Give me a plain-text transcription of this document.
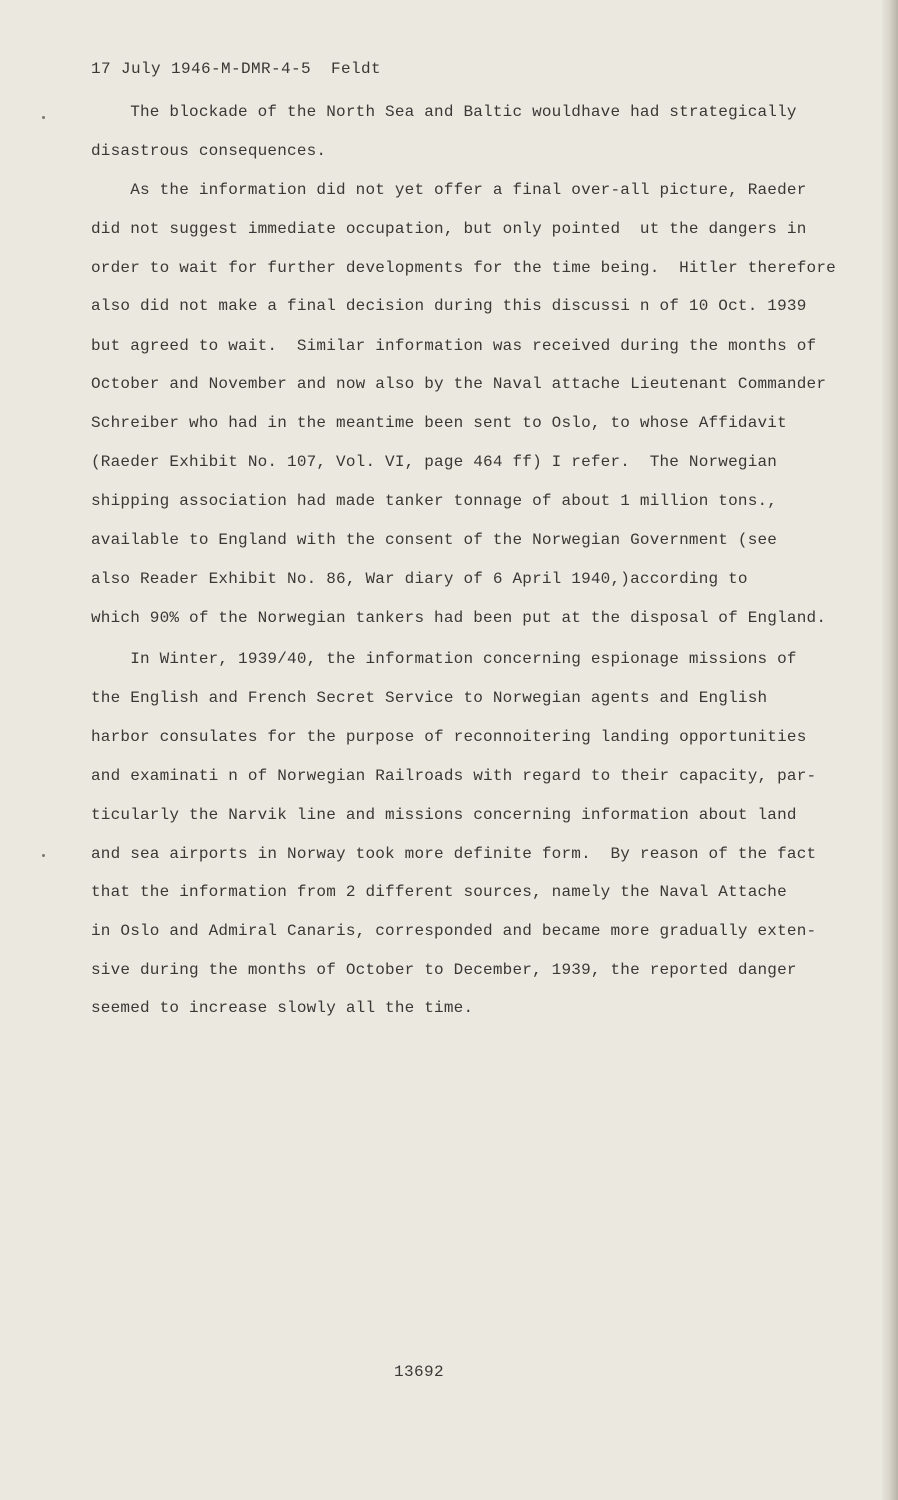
17 July 1946-M-DMR-4-5  Feldt
The blockade of the North Sea and Baltic wouldhave had strategically
disastrous consequences.
As the information did not yet offer a final over-all picture, Raeder
did not suggest immediate occupation, but only pointed  ut the dangers in
order to wait for further developments for the time being.  Hitler therefore
also did not make a final decision during this discussi n of 10 Oct. 1939
but agreed to wait.  Similar information was received during the months of
October and November and now also by the Naval attache Lieutenant Commander
Schreiber who had in the meantime been sent to Oslo, to whose Affidavit
(Raeder Exhibit No. 107, Vol. VI, page 464 ff) I refer.  The Norwegian
shipping association had made tanker tonnage of about 1 million tons.,
available to England with the consent of the Norwegian Government (see
also Reader Exhibit No. 86, War diary of 6 April 1940,)according to
which 90% of the Norwegian tankers had been put at the disposal of England.
In Winter, 1939/40, the information concerning espionage missions of
the English and French Secret Service to Norwegian agents and English
harbor consulates for the purpose of reconnoitering landing opportunities
and examinati n of Norwegian Railroads with regard to their capacity, par-
ticularly the Narvik line and missions concerning information about land
and sea airports in Norway took more definite form.  By reason of the fact
that the information from 2 different sources, namely the Naval Attache
in Oslo and Admiral Canaris, corresponded and became more gradually exten-
sive during the months of October to December, 1939, the reported danger
seemed to increase slowly all the time.
13692
